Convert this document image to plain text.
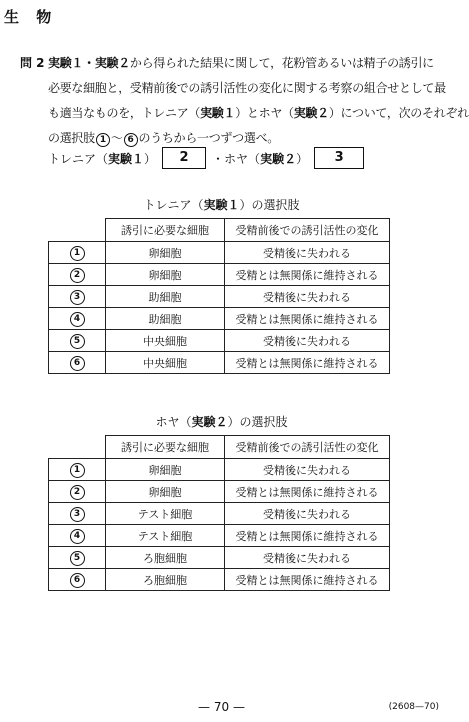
生 物
問 2 実験１・実験２から得られた結果に関して，花粉管あるいは精子の誘引に
必要な細胞と，受精前後での誘引活性の変化に関する考察の組合せとして最
も適当なものを，トレニア（実験１）とホヤ（実験２）について，次のそれぞれ
の選択肢 1 〜 6 のうちから一つずつ選べ。
トレニア（実験１）	2	・ホヤ（実験２）	3
トレニア（実験１）の選択肢
	誘引に必要な細胞	受精前後での誘引活性の変化
1	卵細胞	受精後に失われる
2	卵細胞	受精とは無関係に維持される
3	助細胞	受精後に失われる
4	助細胞	受精とは無関係に維持される
5	中央細胞	受精後に失われる
6	中央細胞	受精とは無関係に維持される
ホヤ（実験２）の選択肢
	誘引に必要な細胞	受精前後での誘引活性の変化
1	卵細胞	受精後に失われる
2	卵細胞	受精とは無関係に維持される
3	テスト細胞	受精後に失われる
4	テスト細胞	受精とは無関係に維持される
5	ろ胞細胞	受精後に失われる
6	ろ胞細胞	受精とは無関係に維持される
— 70 —	(2608—70)
